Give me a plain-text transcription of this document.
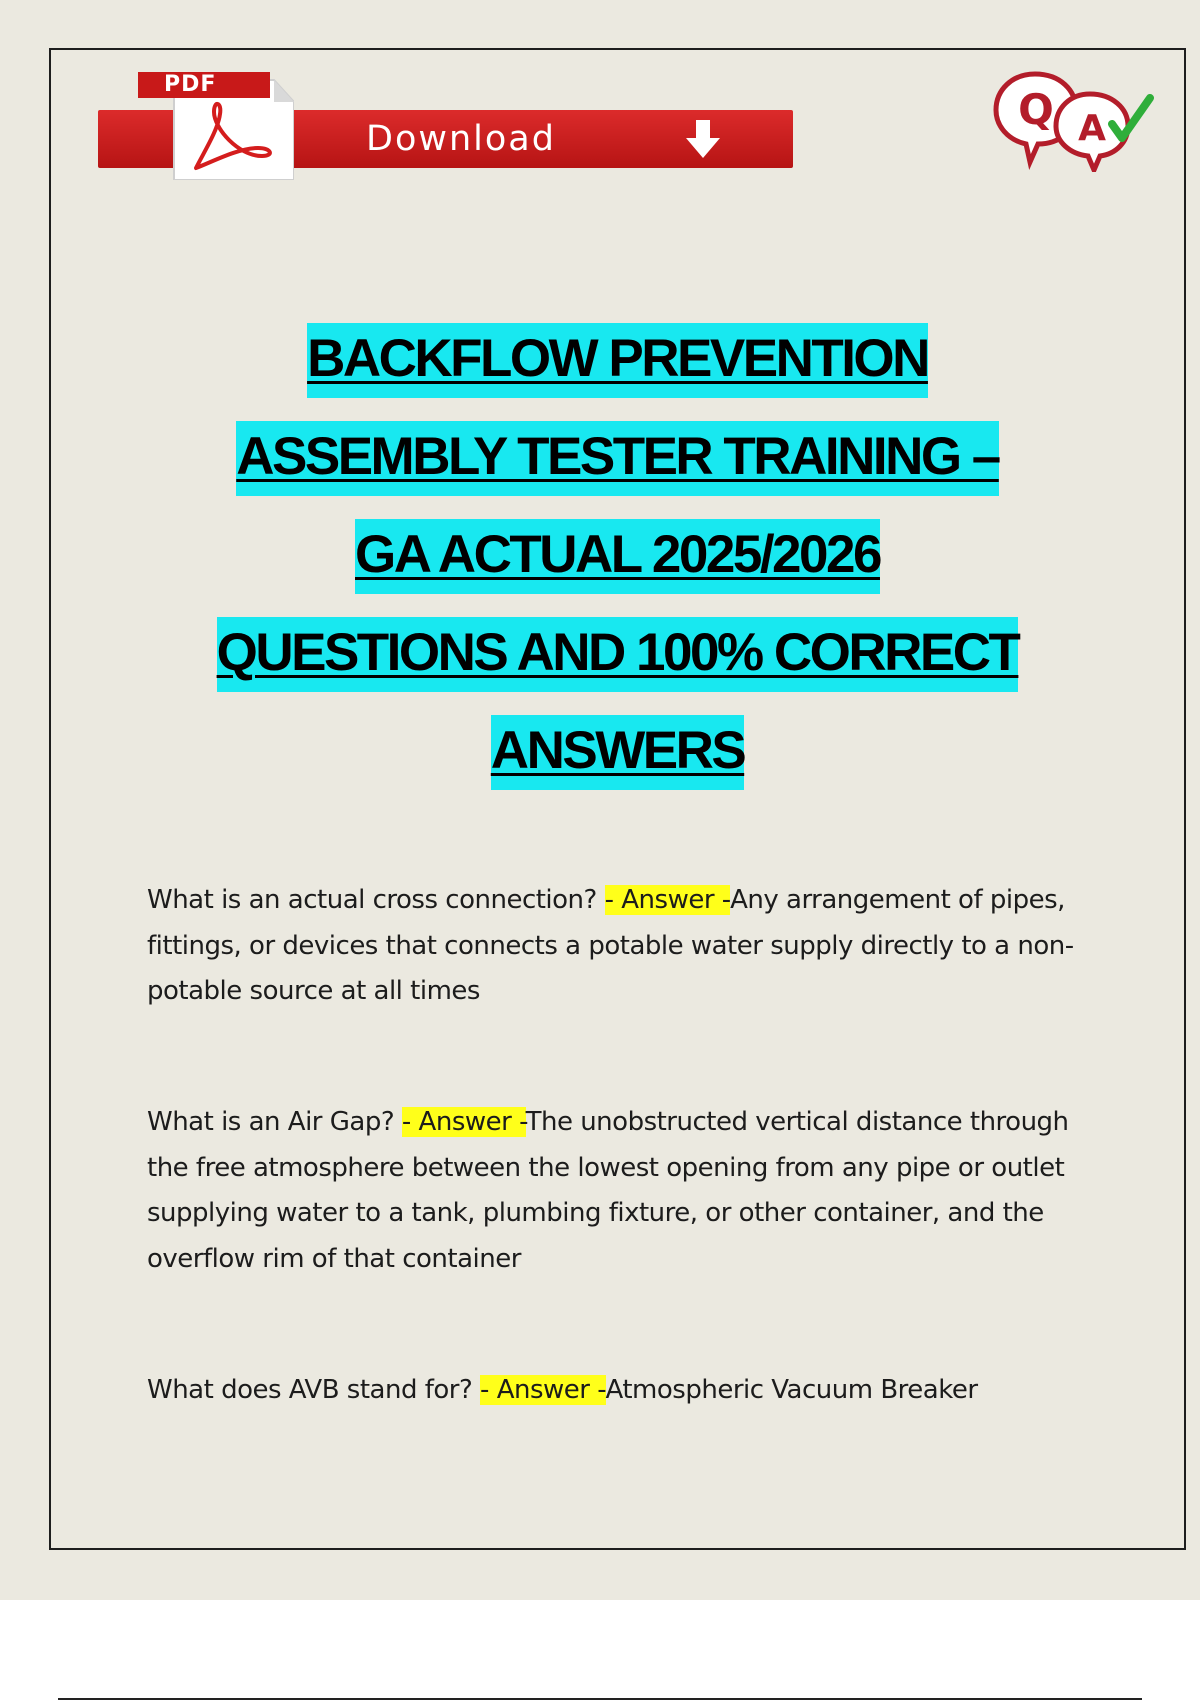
Download
PDF
Q A
BACKFLOW PREVENTION
ASSEMBLY TESTER TRAINING –
GA ACTUAL 2025/2026
QUESTIONS AND 100% CORRECT
ANSWERS
What is an actual cross connection? - Answer -Any arrangement of pipes, fittings, or devices that connects a potable water supply directly to a non-potable source at all times
What is an Air Gap? - Answer -The unobstructed vertical distance through the free atmosphere between the lowest opening from any pipe or outlet supplying water to a tank, plumbing fixture, or other container, and the overflow rim of that container
What does AVB stand for? - Answer -Atmospheric Vacuum Breaker
